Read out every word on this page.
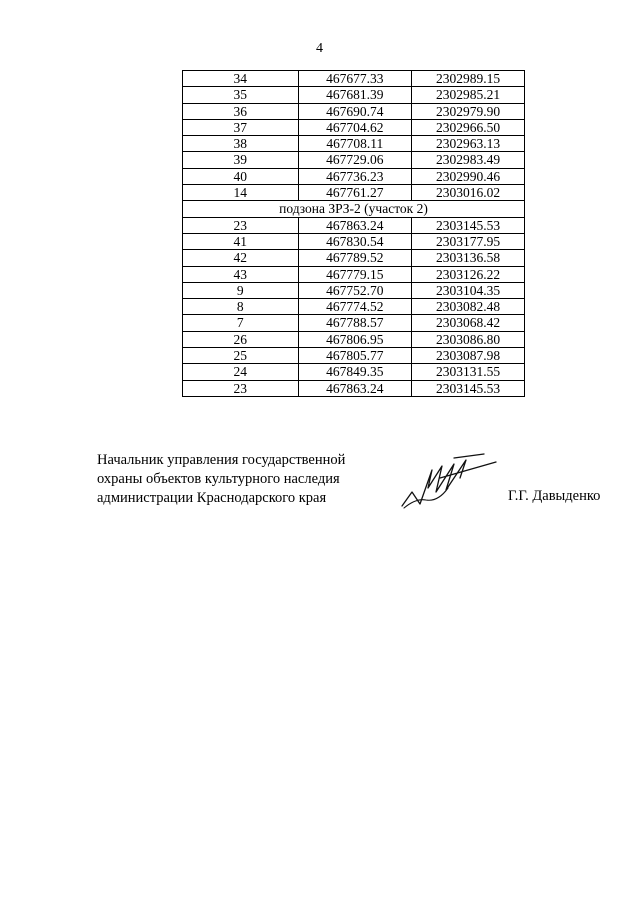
4
34	467677.33	2302989.15
35	467681.39	2302985.21
36	467690.74	2302979.90
37	467704.62	2302966.50
38	467708.11	2302963.13
39	467729.06	2302983.49
40	467736.23	2302990.46
14	467761.27	2303016.02
подзона ЗРЗ-2 (участок 2)		
23	467863.24	2303145.53
41	467830.54	2303177.95
42	467789.52	2303136.58
43	467779.15	2303126.22
9	467752.70	2303104.35
8	467774.52	2303082.48
7	467788.57	2303068.42
26	467806.95	2303086.80
25	467805.77	2303087.98
24	467849.35	2303131.55
23	467863.24	2303145.53
Начальник управления государственной
охраны объектов культурного наследия
администрации Краснодарского края	Г.Г. Давыденко
